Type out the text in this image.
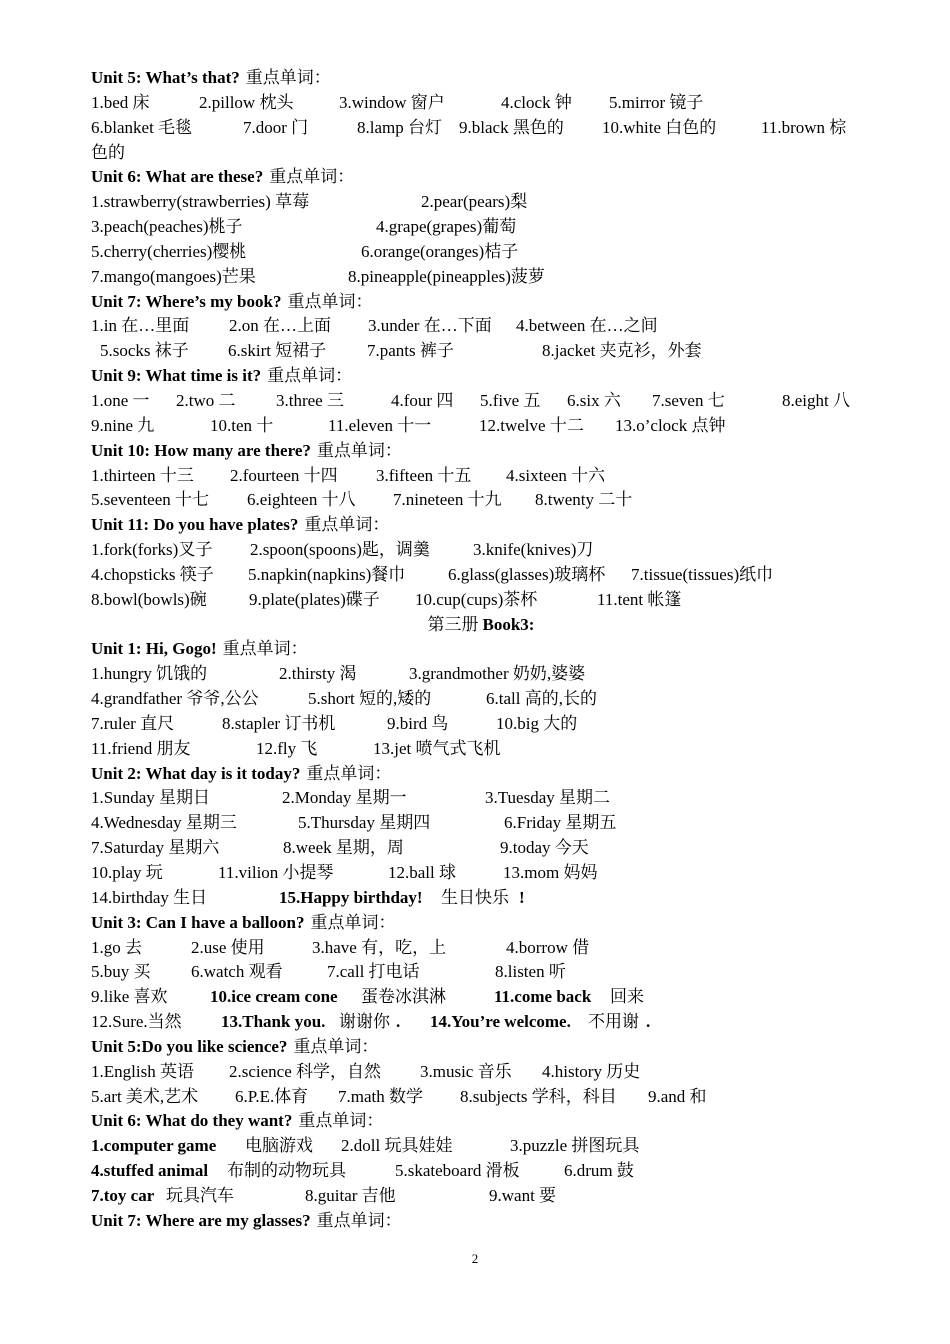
Unit 5: What’s that? 重点单词：
1.bed 床	2.pillow 枕头	3.window 窗户	4.clock 钟 5.mirror 镜子
6.blanket 毛毯	7.door 门	8.lamp 台灯 9.black 黑色的 10.white 白色的	11.brown 棕
色的
Unit 6: What are these? 重点单词：
1.strawberry(strawberries) 草莓	2.pear(pears)梨
3.peach(peaches)桃子	4.grape(grapes)葡萄
5.cherry(cherries)樱桃	6.orange(oranges)桔子
7.mango(mangoes)芒果	8.pineapple(pineapples)菠萝
Unit 7: Where’s my book? 重点单词：
1.in 在…里面 2.on 在…上面 3.under 在…下面 4.between 在…之间
5.socks 袜子 6.skirt 短裙子 7.pants 裤子	8.jacket 夹克衫，外套
Unit 9: What time is it? 重点单词：
1.one 一 2.two 二 3.three 三	4.four 四 5.five 五 6.six 六 7.seven 七	8.eight 八
9.nine 九	10.ten 十	11.eleven 十一	12.twelve 十二 13.o’clock 点钟
Unit 10: How many are there? 重点单词：
1.thirteen 十三 2.fourteen 十四 3.fifteen 十五 4.sixteen 十六
5.seventeen 十七 6.eighteen 十八 7.nineteen 十九 8.twenty 二十
Unit 11: Do you have plates? 重点单词：
1.fork(forks)叉子 2.spoon(spoons)匙，调羹	3.knife(knives)刀
4.chopsticks 筷子 5.napkin(napkins)餐巾	6.glass(glasses)玻璃杯 7.tissue(tissues)纸巾
8.bowl(bowls)碗 9.plate(plates)碟子 10.cup(cups)茶杯	11.tent 帐篷
第三册 Book3:
Unit 1: Hi, Gogo! 重点单词：
1.hungry 饥饿的	2.thirsty 渴	3.grandmother 奶奶,婆婆
4.grandfather 爷爷,公公	5.short 短的,矮的	6.tall 高的,长的
7.ruler 直尺	8.stapler 订书机	9.bird 鸟	10.big 大的
11.friend 朋友	12.fly 飞	13.jet 喷气式飞机
Unit 2: What day is it today? 重点单词：
1.Sunday 星期日	2.Monday 星期一	3.Tuesday 星期二
4.Wednesday 星期三	5.Thursday 星期四	6.Friday 星期五
7.Saturday 星期六	8.week 星期，周	9.today 今天
10.play 玩	11.vilion 小提琴	12.ball 球	13.mom 妈妈
14.birthday 生日	15.Happy birthday! 生日快乐 !
Unit 3: Can I have a balloon? 重点单词：
1.go 去	2.use 使用	3.have 有，吃，上	4.borrow 借
5.buy 买 6.watch 观看	7.call 打电话	8.listen 听
9.like 喜欢	10.ice cream cone 蛋卷冰淇淋	11.come back 回来
12.Sure.当然 13.Thank you. 谢谢你 . 14.You’re welcome. 不用谢 .
Unit 5:Do you like science? 重点单词：
1.English 英语 2.science 科学，自然 3.music 音乐 4.history 历史
5.art 美术,艺术 6.P.E.体育 7.math 数学 8.subjects 学科，科目 9.and 和
Unit 6: What do they want? 重点单词：
1.computer game 电脑游戏 2.doll 玩具娃娃	3.puzzle 拼图玩具
4.stuffed animal 布制的动物玩具	5.skateboard 滑板	6.drum 鼓
7.toy car 玩具汽车	8.guitar 吉他	9.want 要
Unit 7: Where are my glasses? 重点单词：
2
